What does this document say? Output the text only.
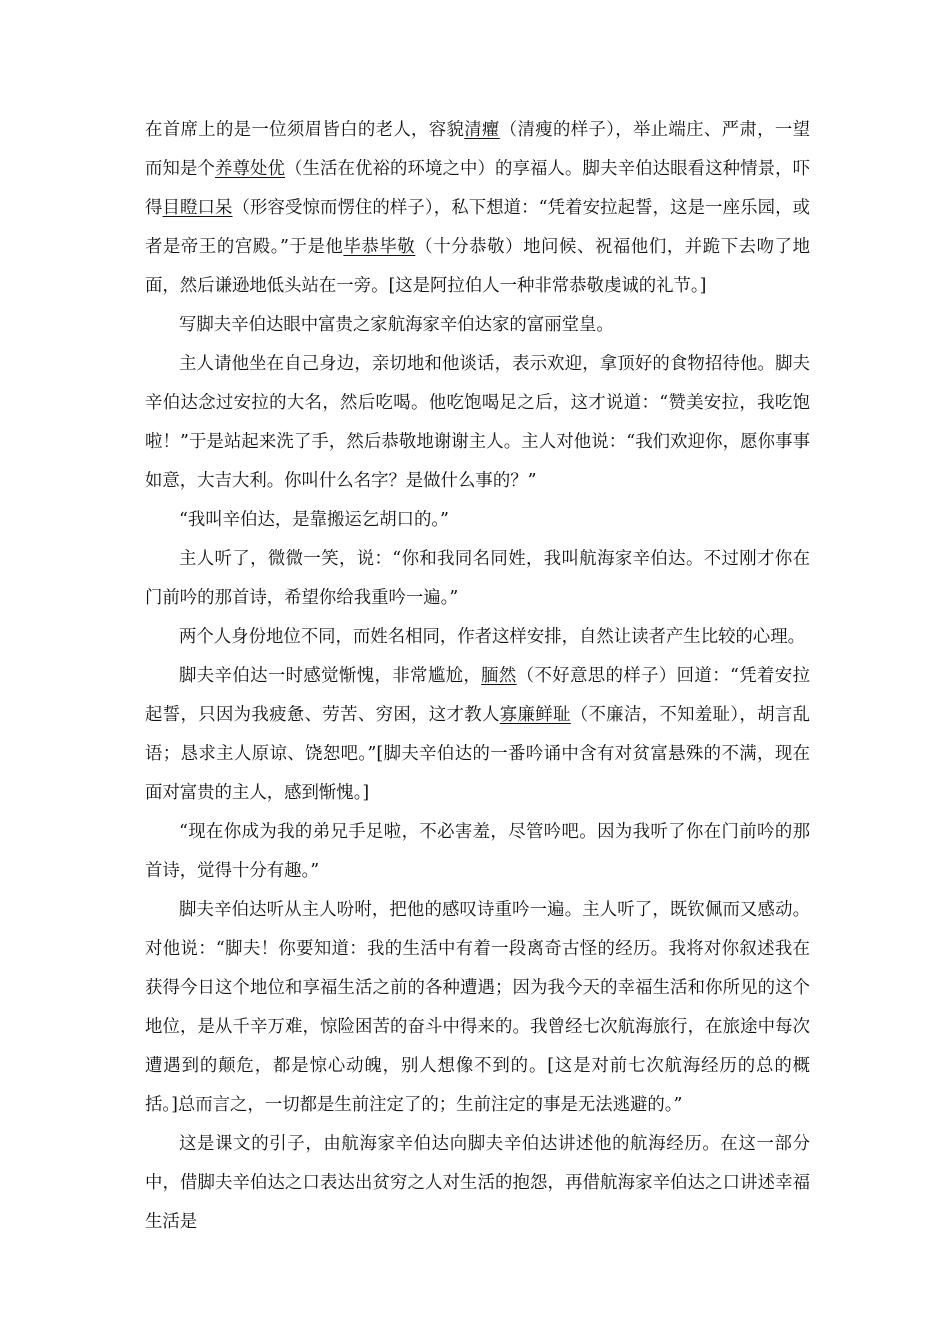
在首席上的是一位须眉皆白的老人，容貌清癯（清瘦的样子），举止端庄、严肃，一望而知是个养尊处优（生活在优裕的环境之中）的享福人。脚夫辛伯达眼看这种情景，吓得目瞪口呆（形容受惊而愣住的样子），私下想道：“凭着安拉起誓，这是一座乐园，或者是帝王的宫殿。”于是他毕恭毕敬（十分恭敬）地问候、祝福他们，并跪下去吻了地面，然后谦逊地低头站在一旁。[这是阿拉伯人一种非常恭敬虔诚的礼节。]

写脚夫辛伯达眼中富贵之家航海家辛伯达家的富丽堂皇。

主人请他坐在自己身边，亲切地和他谈话，表示欢迎，拿顶好的食物招待他。脚夫辛伯达念过安拉的大名，然后吃喝。他吃饱喝足之后，这才说道：“赞美安拉，我吃饱啦！”于是站起来洗了手，然后恭敬地谢谢主人。主人对他说：“我们欢迎你，愿你事事如意，大吉大利。你叫什么名字？是做什么事的？”

“我叫辛伯达，是靠搬运乞胡口的。”

主人听了，微微一笑，说：“你和我同名同姓，我叫航海家辛伯达。不过刚才你在门前吟的那首诗，希望你给我重吟一遍。”

两个人身份地位不同，而姓名相同，作者这样安排，自然让读者产生比较的心理。

脚夫辛伯达一时感觉惭愧，非常尴尬，腼然（不好意思的样子）回道：“凭着安拉起誓，只因为我疲惫、劳苦、穷困，这才教人寡廉鲜耻（不廉洁，不知羞耻），胡言乱语；恳求主人原谅、饶恕吧。”[脚夫辛伯达的一番吟诵中含有对贫富悬殊的不满，现在面对富贵的主人，感到惭愧。]

“现在你成为我的弟兄手足啦，不必害羞，尽管吟吧。因为我听了你在门前吟的那首诗，觉得十分有趣。”

脚夫辛伯达听从主人吩咐，把他的感叹诗重吟一遍。主人听了，既钦佩而又感动。对他说：“脚夫！你要知道：我的生活中有着一段离奇古怪的经历。我将对你叙述我在获得今日这个地位和享福生活之前的各种遭遇；因为我今天的幸福生活和你所见的这个地位，是从千辛万难，惊险困苦的奋斗中得来的。我曾经七次航海旅行，在旅途中每次遭遇到的颠危，都是惊心动魄，别人想像不到的。[这是对前七次航海经历的总的概括。]总而言之，一切都是生前注定了的；生前注定的事是无法逃避的。”

这是课文的引子，由航海家辛伯达向脚夫辛伯达讲述他的航海经历。在这一部分中，借脚夫辛伯达之口表达出贫穷之人对生活的抱怨，再借航海家辛伯达之口讲述幸福生活是
